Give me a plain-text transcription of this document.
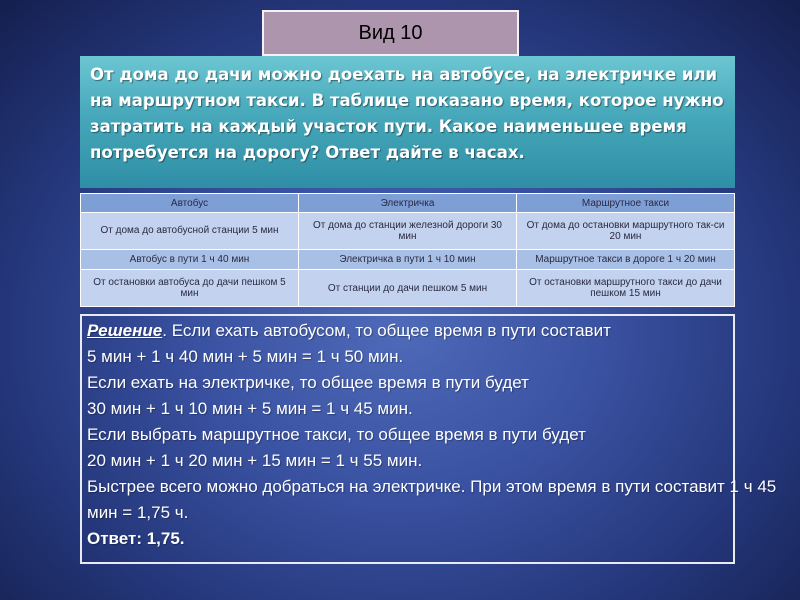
Вид 10
От дома до дачи можно доехать на автобусе, на электричке или на маршрутном такси. В таблице показано время, которое нужно затратить на каждый участок пути. Какое наименьшее время потребуется на дорогу? Ответ дайте в часах.
Автобус	Электричка	Маршрутное такси
От дома до автобусной станции 5 мин	От дома до станции железной дороги 30 мин	От дома до остановки маршрутного так-си 20 мин
Автобус в пути 1 ч 40 мин	Электричка в пути 1 ч 10 мин	Маршрутное такси в дороге 1 ч 20 мин
От остановки автобуса до дачи пешком 5 мин	От станции до дачи пешком 5 мин	От остановки маршрутного такси до дачи пешком 15 мин

Решение. Если ехать автобусом, то общее время в пути составит

5 мин + 1 ч 40 мин + 5 мин = 1 ч 50 мин.

Если ехать на электричке, то общее время в пути будет

30 мин + 1 ч 10 мин + 5 мин = 1 ч 45 мин.

Если выбрать маршрутное такси, то общее время в пути будет

20 мин + 1 ч 20 мин + 15 мин = 1 ч 55 мин.

Быстрее всего можно добраться на электричке. При этом время в пути составит 1 ч 45 мин = 1,75 ч.

Ответ: 1,75.
